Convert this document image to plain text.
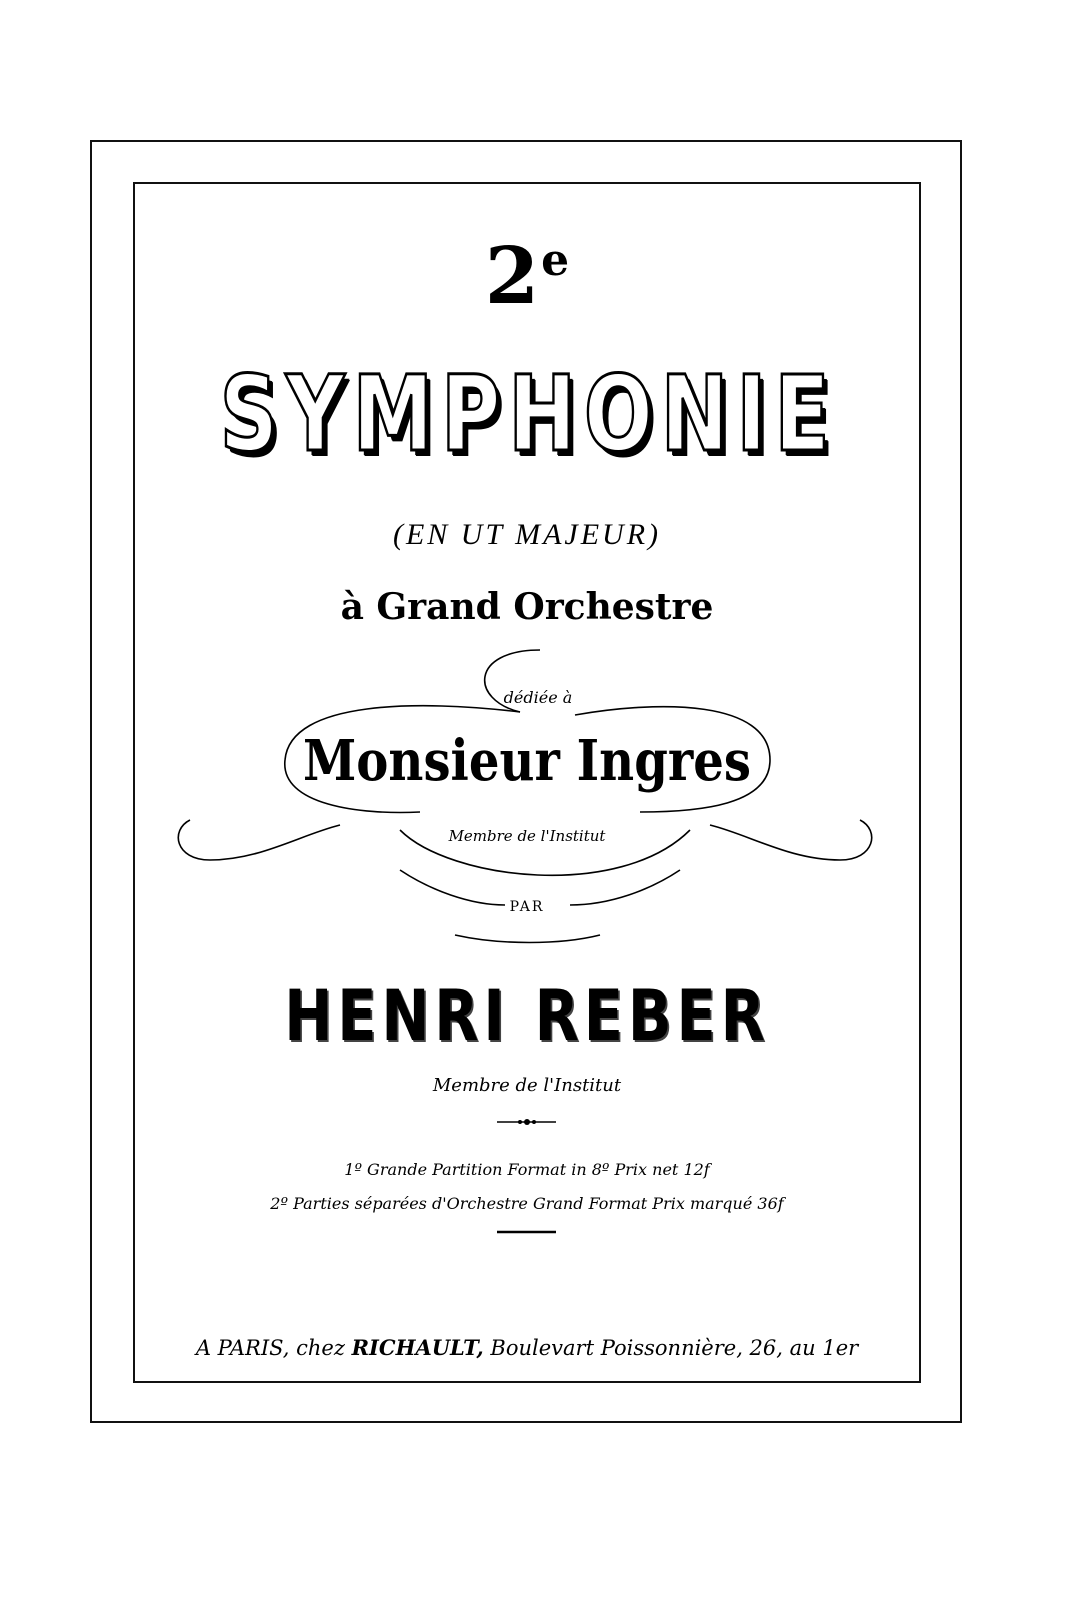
2e
SYMPHONIE
(EN UT MAJEUR)
à Grand Orchestre
dédiée à
Monsieur Ingres
Membre de l'Institut
PAR
HENRI REBER
Membre de l'Institut
1º Grande Partition Format in 8º Prix net 12f
2º Parties séparées d'Orchestre Grand Format Prix marqué 36f
A PARIS, chez RICHAULT, Boulevart Poissonnière, 26, au 1er
